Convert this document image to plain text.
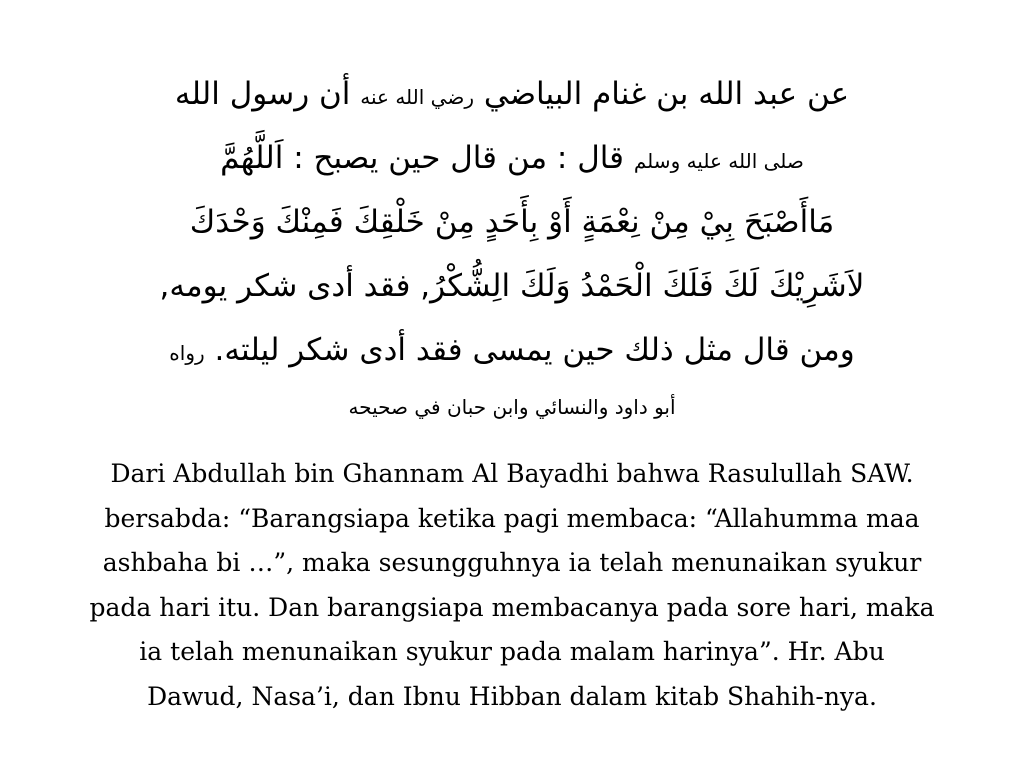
عن عبد الله بن غنام البياضي رضي الله عنه أن رسول الله
صلى الله عليه وسلم قال : من قال حين يصبح : اَللَّهُمَّ
مَاأَصْبَحَ بِيْ مِنْ نِعْمَةٍ أَوْ بِأَحَدٍ مِنْ خَلْقِكَ فَمِنْكَ وَحْدَكَ
لاَشَرِيْكَ لَكَ فَلَكَ الْحَمْدُ وَلَكَ الِشُّكْرُ, فقد أدى شكر يومه,
ومن قال مثل ذلك حين يمسى فقد أدى شكر ليلته. رواه
أبو داود والنسائي وابن حبان في صحيحه
Dari Abdullah bin Ghannam Al Bayadhi bahwa Rasulullah SAW.
bersabda: “Barangsiapa ketika pagi membaca: “Allahumma maa
ashbaha bi …”, maka sesungguhnya ia telah menunaikan syukur
pada hari itu. Dan barangsiapa membacanya pada sore hari, maka
ia telah menunaikan syukur pada malam harinya”. Hr. Abu
Dawud, Nasa’i, dan Ibnu Hibban dalam kitab Shahih-nya.
